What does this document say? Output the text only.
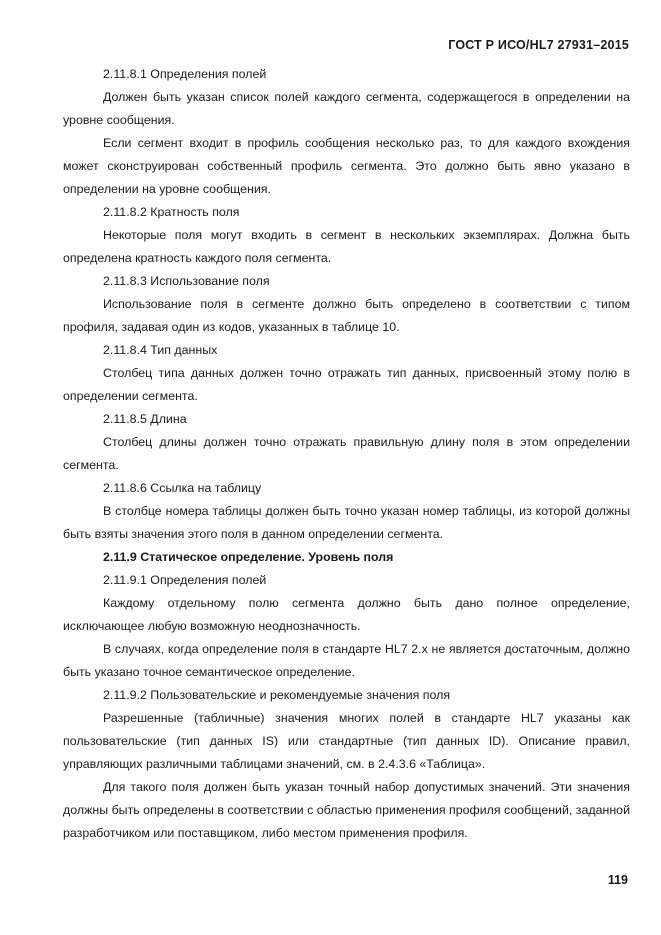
ГОСТ Р ИСО/HL7 27931–2015

2.11.8.1 Определения полей

Должен быть указан список полей каждого сегмента, содержащегося в определении на уровне сообщения.

Если сегмент входит в профиль сообщения несколько раз, то для каждого вхождения может сконструирован собственный профиль сегмента. Это должно быть явно указано в определении на уровне сообщения.

2.11.8.2 Кратность поля

Некоторые поля могут входить в сегмент в нескольких экземплярах. Должна быть определена кратность каждого поля сегмента.

2.11.8.3 Использование поля

Использование поля в сегменте должно быть определено в соответствии с типом профиля, задавая один из кодов, указанных в таблице 10.

2.11.8.4 Тип данных

Столбец типа данных должен точно отражать тип данных, присвоенный этому полю в определении сегмента.

2.11.8.5 Длина

Столбец длины должен точно отражать правильную длину поля в этом определении сегмента.

2.11.8.6 Ссылка на таблицу

В столбце номера таблицы должен быть точно указан номер таблицы, из которой должны быть взяты значения этого поля в данном определении сегмента.

2.11.9 Статическое определение. Уровень поля

2.11.9.1 Определения полей

Каждому отдельному полю сегмента должно быть дано полное определение, исключающее любую возможную неоднозначность.

В случаях, когда определение поля в стандарте HL7 2.x не является достаточным, должно быть указано точное семантическое определение.

2.11.9.2 Пользовательские и рекомендуемые значения поля

Разрешенные (табличные) значения многих полей в стандарте HL7 указаны как пользовательские (тип данных IS) или стандартные (тип данных ID). Описание правил, управляющих различными таблицами значений, см. в 2.4.3.6 «Таблица».

Для такого поля должен быть указан точный набор допустимых значений. Эти значения должны быть определены в соответствии с областью применения профиля сообщений, заданной разработчиком или поставщиком, либо местом применения профиля.

119
